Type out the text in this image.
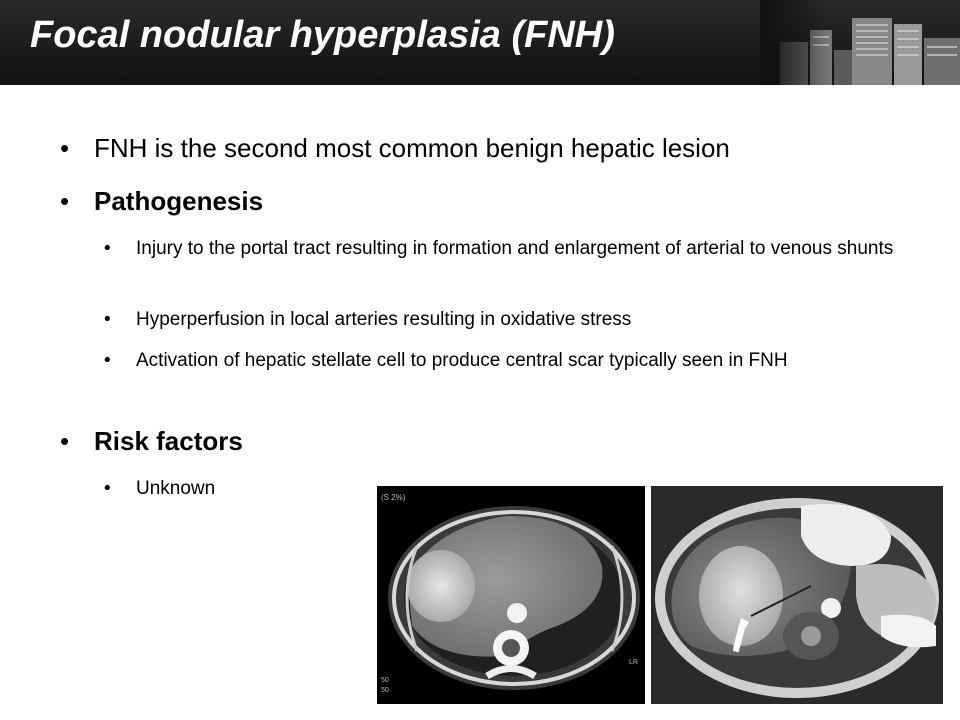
Focal nodular hyperplasia (FNH)
• FNH is the second most common benign hepatic lesion
• Pathogenesis
• Injury to the portal tract resulting in formation and enlargement of arterial to venous shunts
• Hyperperfusion in local arteries resulting in oxidative stress
• Activation of hepatic stellate cell to produce central scar typically seen in FNH
• Risk factors
• Unknown	(S 2%)
50
50
LR
